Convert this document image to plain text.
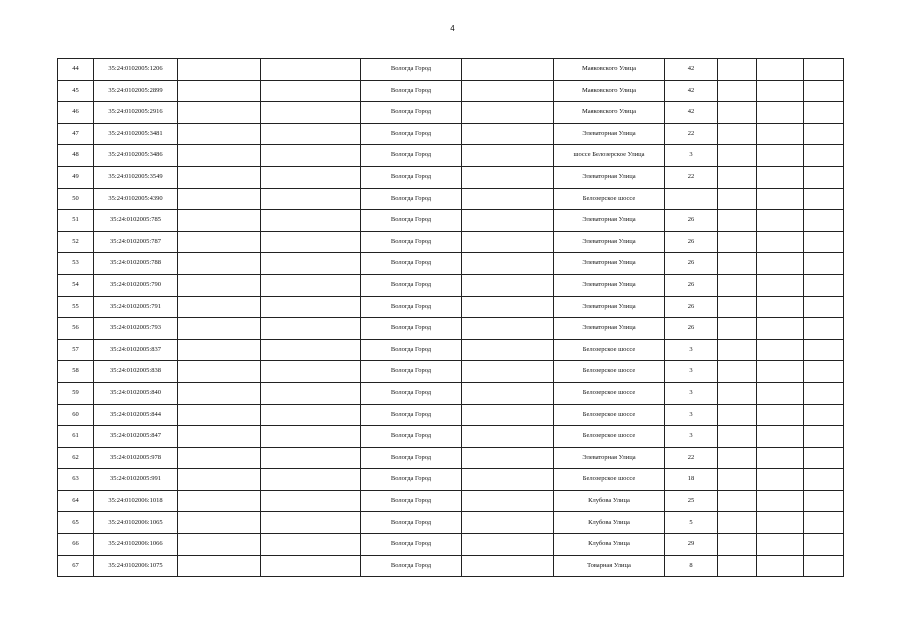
4
44	35:24:0102005:1206			Вологда Город		Маяковского Улица	42			
45	35:24:0102005:2899			Вологда Город		Маяковского Улица	42			
46	35:24:0102005:2916			Вологда Город		Маяковского Улица	42			
47	35:24:0102005:3481			Вологда Город		Элеваторная Улица	22			
48	35:24:0102005:3486			Вологда Город		шоссе Белозерское Улица	3			
49	35:24:0102005:3549			Вологда Город		Элеваторная Улица	22			
50	35:24:0102005:4390			Вологда Город		Белозерское шоссе				
51	35:24:0102005:785			Вологда Город		Элеваторная Улица	26			
52	35:24:0102005:787			Вологда Город		Элеваторная Улица	26			
53	35:24:0102005:788			Вологда Город		Элеваторная Улица	26			
54	35:24:0102005:790			Вологда Город		Элеваторная Улица	26			
55	35:24:0102005:791			Вологда Город		Элеваторная Улица	26			
56	35:24:0102005:793			Вологда Город		Элеваторная Улица	26			
57	35:24:0102005:837			Вологда Город		Белозерское шоссе	3			
58	35:24:0102005:838			Вологда Город		Белозерское шоссе	3			
59	35:24:0102005:840			Вологда Город		Белозерское шоссе	3			
60	35:24:0102005:844			Вологда Город		Белозерское шоссе	3			
61	35:24:0102005:847			Вологда Город		Белозерское шоссе	3			
62	35:24:0102005:978			Вологда Город		Элеваторная Улица	22			
63	35:24:0102005:991			Вологда Город		Белозерское шоссе	18			
64	35:24:0102006:1018			Вологда Город		Клубова Улица	25			
65	35:24:0102006:1065			Вологда Город		Клубова Улица	5			
66	35:24:0102006:1066			Вологда Город		Клубова Улица	29			
67	35:24:0102006:1075			Вологда Город		Товарная Улица	8			
